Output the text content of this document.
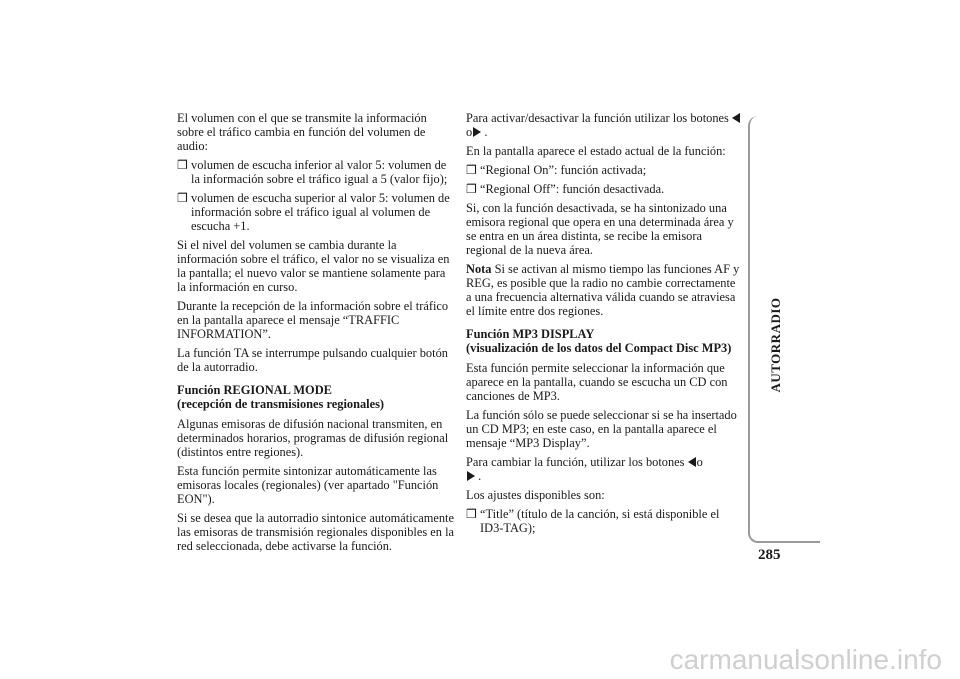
El volumen con el que se transmite la información sobre el tráfico cambia en función del volumen de audio:

❒ volumen de escucha inferior al valor 5: volumen de la información sobre el tráfico igual a 5 (valor fijo);
❒ volumen de escucha superior al valor 5: volumen de información sobre el tráfico igual al volumen de escucha +1.

Si el nivel del volumen se cambia durante la información sobre el tráfico, el valor no se visualiza en la pantalla; el nuevo valor se mantiene solamente para la información en curso.

Durante la recepción de la información sobre el tráfico en la pantalla aparece el mensaje “TRAFFIC INFORMATION”.

La función TA se interrumpe pulsando cualquier botón de la autorradio.

Función REGIONAL MODE
(recepción de transmisiones regionales)

Algunas emisoras de difusión nacional transmiten, en determinados horarios, programas de difusión regional (distintos entre regiones).

Esta función permite sintonizar automáticamente las emisoras locales (regionales) (ver apartado "Función EON").

Si se desea que la autorradio sintonice automáticamente las emisoras de transmisión regionales disponibles en la red seleccionada, debe activarse la función.

Para activar/desactivar la función utilizar los botones o .

En la pantalla aparece el estado actual de la función:

❒ “Regional On”: función activada;
❒ “Regional Off”: función desactivada.

Si, con la función desactivada, se ha sintonizado una emisora regional que opera en una determinada área y se entra en un área distinta, se recibe la emisora regional de la nueva área.

Nota Si se activan al mismo tiempo las funciones AF y REG, es posible que la radio no cambie correctamente a una frecuencia alternativa válida cuando se atraviesa el límite entre dos regiones.

Función MP3 DISPLAY
(visualización de los datos del Compact Disc MP3)

Esta función permite seleccionar la información que aparece en la pantalla, cuando se escucha un CD con canciones de MP3.

La función sólo se puede seleccionar si se ha insertado un CD MP3; en este caso, en la pantalla aparece el mensaje “MP3 Display”.

Para cambiar la función, utilizar los botones o
.

Los ajustes disponibles son:

❒ “Title” (título de la canción, si está disponible el ID3-TAG);
AUTORRADIO
285
carmanualsonline.info
